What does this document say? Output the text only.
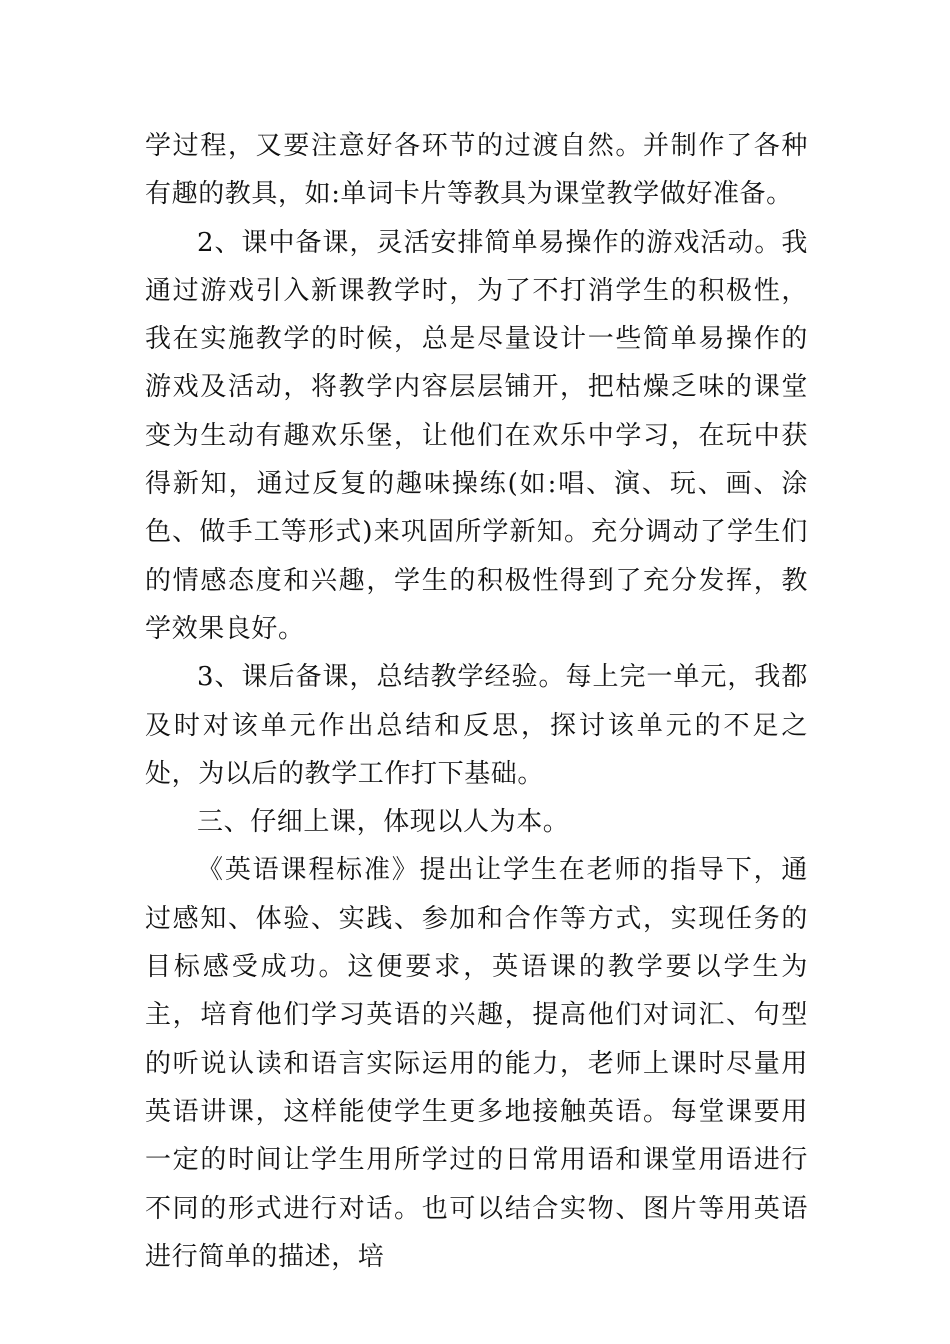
学过程，又要注意好各环节的过渡自然。并制作了各种有趣的教具，如:单词卡片等教具为课堂教学做好准备。

2、课中备课，灵活安排简单易操作的游戏活动。我通过游戏引入新课教学时，为了不打消学生的积极性，我在实施教学的时候，总是尽量设计一些简单易操作的游戏及活动，将教学内容层层铺开，把枯燥乏味的课堂变为生动有趣欢乐堡，让他们在欢乐中学习，在玩中获得新知，通过反复的趣味操练(如:唱、演、玩、画、涂色、做手工等形式)来巩固所学新知。充分调动了学生们的情感态度和兴趣，学生的积极性得到了充分发挥，教学效果良好。

3、课后备课，总结教学经验。每上完一单元，我都及时对该单元作出总结和反思，探讨该单元的不足之处，为以后的教学工作打下基础。

三、仔细上课，体现以人为本。

《英语课程标准》提出让学生在老师的指导下，通过感知、体验、实践、参加和合作等方式，实现任务的目标感受成功。这便要求，英语课的教学要以学生为主，培育他们学习英语的兴趣，提高他们对词汇、句型的听说认读和语言实际运用的能力，老师上课时尽量用英语讲课，这样能使学生更多地接触英语。每堂课要用一定的时间让学生用所学过的日常用语和课堂用语进行不同的形式进行对话。也可以结合实物、图片等用英语进行简单的描述，培
